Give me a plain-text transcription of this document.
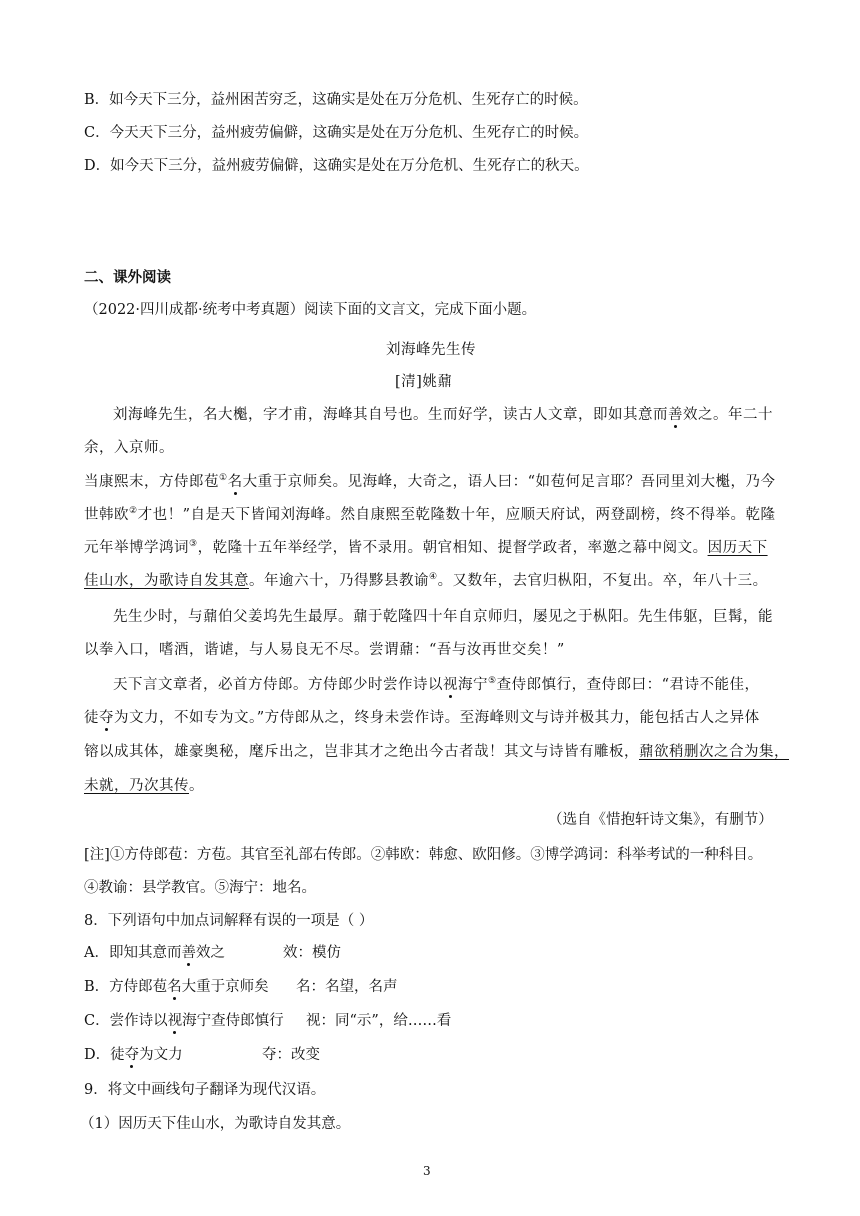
B．如今天下三分，益州困苦穷乏，这确实是处在万分危机、生死存亡的时候。
C．今天天下三分，益州疲劳偏僻，这确实是处在万分危机、生死存亡的时候。
D．如今天下三分，益州疲劳偏僻，这确实是处在万分危机、生死存亡的秋天。
二、课外阅读
（2022·四川成都·统考中考真题）阅读下面的文言文，完成下面小题。
刘海峰先生传
[清]姚鼐
刘海峰先生，名大櫆，字才甫，海峰其自号也。生而好学，读古人文章，即如其意而善效之。年二十
余，入京师。
当康熙末，方侍郎苞①名大重于京师矣。见海峰，大奇之，语人曰：“如苞何足言耶？吾同里刘大櫆，乃今
世韩欧②才也！”自是天下皆闻刘海峰。然自康熙至乾隆数十年，应顺天府试，两登副榜，终不得举。乾隆
元年举博学鸿词③，乾隆十五年举经学，皆不录用。朝官相知、提督学政者，率邀之幕中阅文。因历天下
佳山水，为歌诗自发其意。年逾六十，乃得黟县教谕④。又数年，去官归枞阳，不复出。卒，年八十三。
先生少时，与鼐伯父姜坞先生最厚。鼐于乾隆四十年自京师归，屡见之于枞阳。先生伟躯，巨髯，能
以拳入口，嗜酒，谐谑，与人易良无不尽。尝谓鼐：“吾与汝再世交矣！”
天下言文章者，必首方侍郎。方侍郎少时尝作诗以视海宁⑤查侍郎慎行，查侍郎曰：“君诗不能佳，
徒夺为文力，不如专为文。”方侍郎从之，终身未尝作诗。至海峰则文与诗并极其力，能包括古人之异体
镕以成其体，雄豪奥秘，麾斥出之，岂非其才之绝出今古者哉！其文与诗皆有雕板，鼐欲稍删次之合为集，
未就，乃次其传。
（选自《惜抱轩诗文集》，有删节）
[注]①方侍郎苞：方苞。其官至礼部右传郎。②韩欧：韩愈、欧阳修。③博学鸿词：科举考试的一种科目。
④教谕：县学教官。⑤海宁：地名。
8．下列语句中加点词解释有误的一项是（ ）
A．即知其意而善效之	效：模仿
B．方侍郎苞名大重于京师矣 名：名望，名声
C．尝作诗以视海宁查侍郎慎行 视：同“示”，给……看
D．徒夺为文力	夺：改变
9．将文中画线句子翻译为现代汉语。
（1）因历天下佳山水，为歌诗自发其意。
3
